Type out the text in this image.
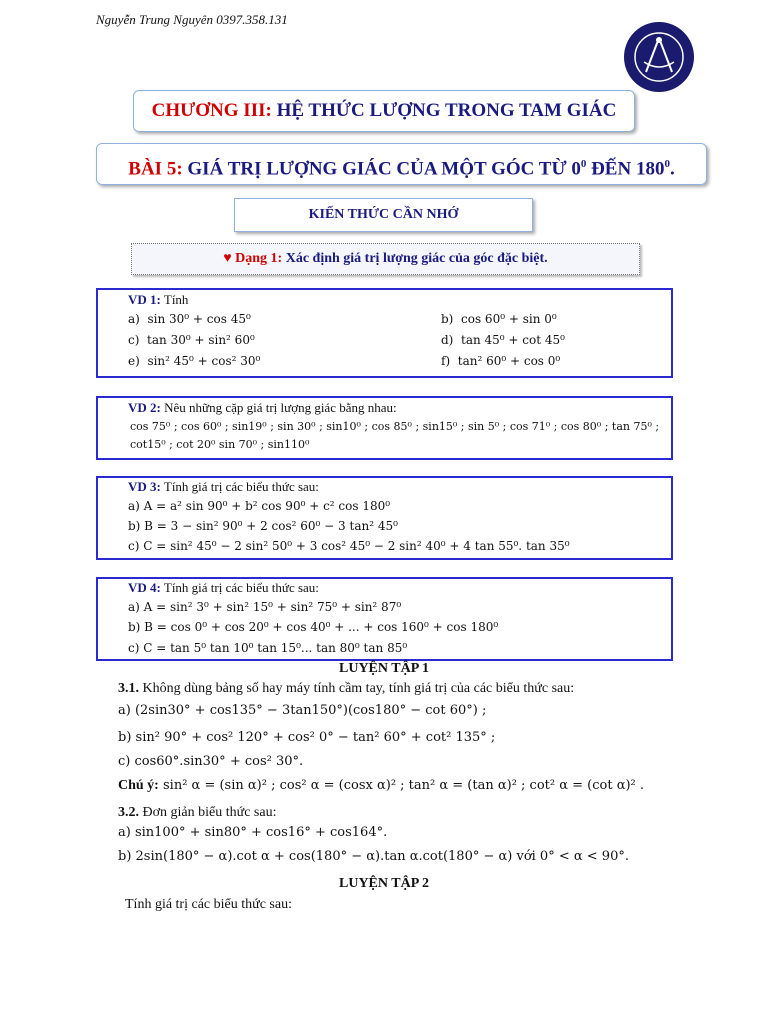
Nguyễn Trung Nguyên 0397.358.131
CHƯƠNG III: HỆ THỨC LƯỢNG TRONG TAM GIÁC
BÀI 5: GIÁ TRỊ LƯỢNG GIÁC CỦA MỘT GÓC TỪ $0^0$ ĐẾN $180^0$.
KIẾN THỨC CẦN NHỚ
♥ Dạng 1: Xác định giá trị lượng giác của góc đặc biệt.
VD 1: Tính
a) sin 30⁰ + cos 45⁰	b) cos 60⁰ + sin 0⁰
c) tan 30⁰ + sin² 60⁰	d) tan 45⁰ + cot 45⁰
e) sin² 45⁰ + cos² 30⁰	f) tan² 60⁰ + cos 0⁰
VD 2: Nêu những cặp giá trị lượng giác bằng nhau:
cos 75⁰ ; cos 60⁰ ; sin19⁰ ; sin 30⁰ ; sin10⁰ ; cos 85⁰ ; sin15⁰ ; sin 5⁰ ; cos 71⁰ ; cos 80⁰ ; tan 75⁰ ;
cot15⁰ ; cot 20⁰ sin 70⁰ ; sin110⁰
VD 3: Tính giá trị các biểu thức sau:
a) A = a² sin 90⁰ + b² cos 90⁰ + c² cos 180⁰
b) B = 3 − sin² 90⁰ + 2 cos² 60⁰ − 3 tan² 45⁰
c) C = sin² 45⁰ − 2 sin² 50⁰ + 3 cos² 45⁰ − 2 sin² 40⁰ + 4 tan 55⁰. tan 35⁰
VD 4: Tính giá trị các biểu thức sau:
a) A = sin² 3⁰ + sin² 15⁰ + sin² 75⁰ + sin² 87⁰
b) B = cos 0⁰ + cos 20⁰ + cos 40⁰ + ... + cos 160⁰ + cos 180⁰
c) C = tan 5⁰ tan 10⁰ tan 15⁰... tan 80⁰ tan 85⁰
LUYỆN TẬP 1
3.1. Không dùng bảng số hay máy tính cầm tay, tính giá trị của các biểu thức sau:
a) (2sin30° + cos135° − 3tan150°)(cos180° − cot 60°) ;
b) sin² 90° + cos² 120° + cos² 0° − tan² 60° + cot² 135° ;
c) cos60°.sin30° + cos² 30°.
Chú ý: sin² α = (sin α)² ; cos² α = (cosx α)² ; tan² α = (tan α)² ; cot² α = (cot α)² .
3.2. Đơn giản biểu thức sau:
a) sin100° + sin80° + cos16° + cos164°.
b) 2sin(180° − α).cot α + cos(180° − α).tan α.cot(180° − α) với 0° < α < 90°.
LUYỆN TẬP 2
Tính giá trị các biểu thức sau:
